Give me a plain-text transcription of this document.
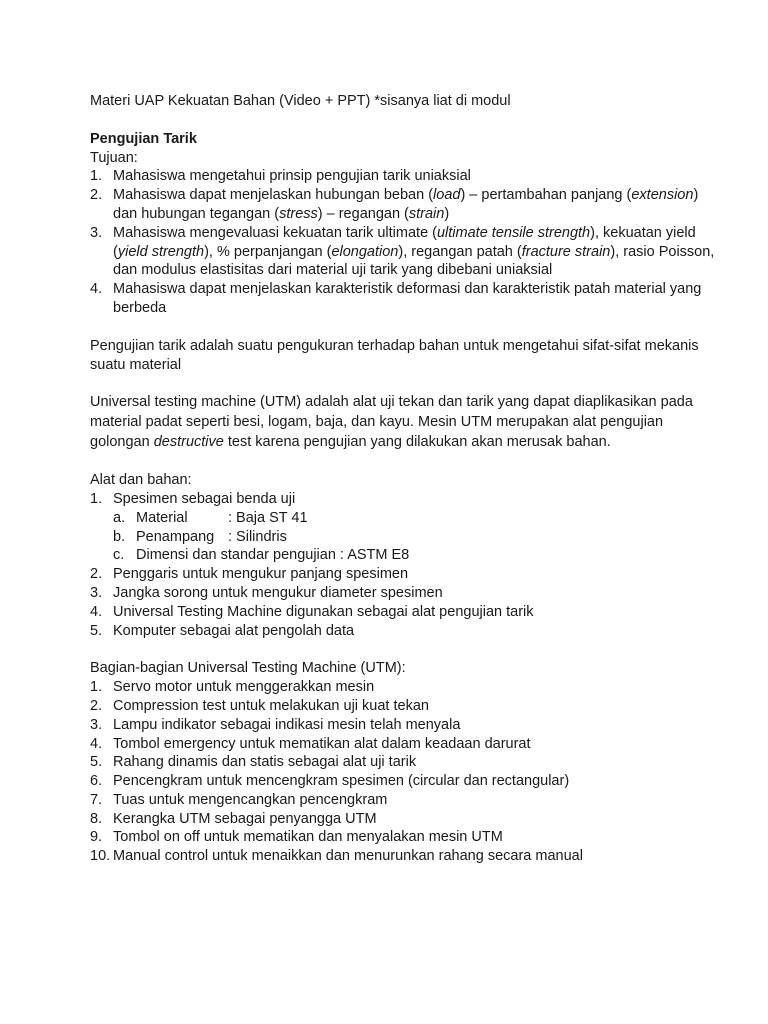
Materi UAP Kekuatan Bahan (Video + PPT) *sisanya liat di modul
Pengujian Tarik
Tujuan:
1. Mahasiswa mengetahui prinsip pengujian tarik uniaksial
2. Mahasiswa dapat menjelaskan hubungan beban (load) – pertambahan panjang (extension)
dan hubungan tegangan (stress) – regangan (strain)
3. Mahasiswa mengevaluasi kekuatan tarik ultimate (ultimate tensile strength), kekuatan yield
(yield strength), % perpanjangan (elongation), regangan patah (fracture strain), rasio Poisson,
dan modulus elastisitas dari material uji tarik yang dibebani uniaksial
4. Mahasiswa dapat menjelaskan karakteristik deformasi dan karakteristik patah material yang
berbeda
Pengujian tarik adalah suatu pengukuran terhadap bahan untuk mengetahui sifat-sifat mekanis
suatu material
Universal testing machine (UTM) adalah alat uji tekan dan tarik yang dapat diaplikasikan pada
material padat seperti besi, logam, baja, dan kayu. Mesin UTM merupakan alat pengujian
golongan destructive test karena pengujian yang dilakukan akan merusak bahan.
Alat dan bahan:
1. Spesimen sebagai benda uji
a. Material	: Baja ST 41
b. Penampang : Silindris
c. Dimensi dan standar pengujian : ASTM E8
2. Penggaris untuk mengukur panjang spesimen
3. Jangka sorong untuk mengukur diameter spesimen
4. Universal Testing Machine digunakan sebagai alat pengujian tarik
5. Komputer sebagai alat pengolah data
Bagian-bagian Universal Testing Machine (UTM):
1. Servo motor untuk menggerakkan mesin
2. Compression test untuk melakukan uji kuat tekan
3. Lampu indikator sebagai indikasi mesin telah menyala
4. Tombol emergency untuk mematikan alat dalam keadaan darurat
5. Rahang dinamis dan statis sebagai alat uji tarik
6. Pencengkram untuk mencengkram spesimen (circular dan rectangular)
7. Tuas untuk mengencangkan pencengkram
8. Kerangka UTM sebagai penyangga UTM
9. Tombol on off untuk mematikan dan menyalakan mesin UTM
10. Manual control untuk menaikkan dan menurunkan rahang secara manual
